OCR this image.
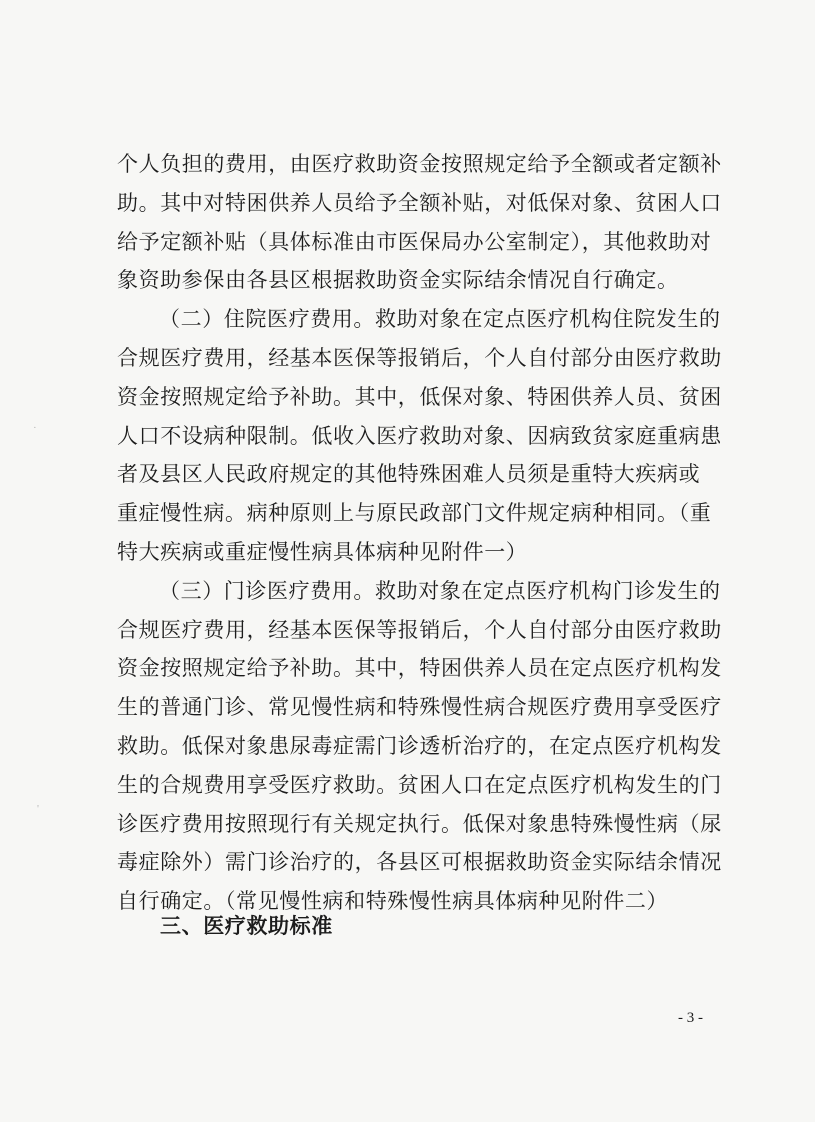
个人负担的费用，由医疗救助资金按照规定给予全额或者定额补
助。其中对特困供养人员给予全额补贴，对低保对象、贫困人口
给予定额补贴（具体标准由市医保局办公室制定），其他救助对
象资助参保由各县区根据救助资金实际结余情况自行确定。
（二）住院医疗费用。救助对象在定点医疗机构住院发生的
合规医疗费用，经基本医保等报销后，个人自付部分由医疗救助
资金按照规定给予补助。其中，低保对象、特困供养人员、贫困
人口不设病种限制。低收入医疗救助对象、因病致贫家庭重病患
者及县区人民政府规定的其他特殊困难人员须是重特大疾病或
重症慢性病。病种原则上与原民政部门文件规定病种相同。（重
特大疾病或重症慢性病具体病种见附件一）
（三）门诊医疗费用。救助对象在定点医疗机构门诊发生的
合规医疗费用，经基本医保等报销后，个人自付部分由医疗救助
资金按照规定给予补助。其中，特困供养人员在定点医疗机构发
生的普通门诊、常见慢性病和特殊慢性病合规医疗费用享受医疗
救助。低保对象患尿毒症需门诊透析治疗的，在定点医疗机构发
生的合规费用享受医疗救助。贫困人口在定点医疗机构发生的门
诊医疗费用按照现行有关规定执行。低保对象患特殊慢性病（尿
毒症除外）需门诊治疗的，各县区可根据救助资金实际结余情况
自行确定。（常见慢性病和特殊慢性病具体病种见附件二）
三、医疗救助标准
- 3 -
·
'
